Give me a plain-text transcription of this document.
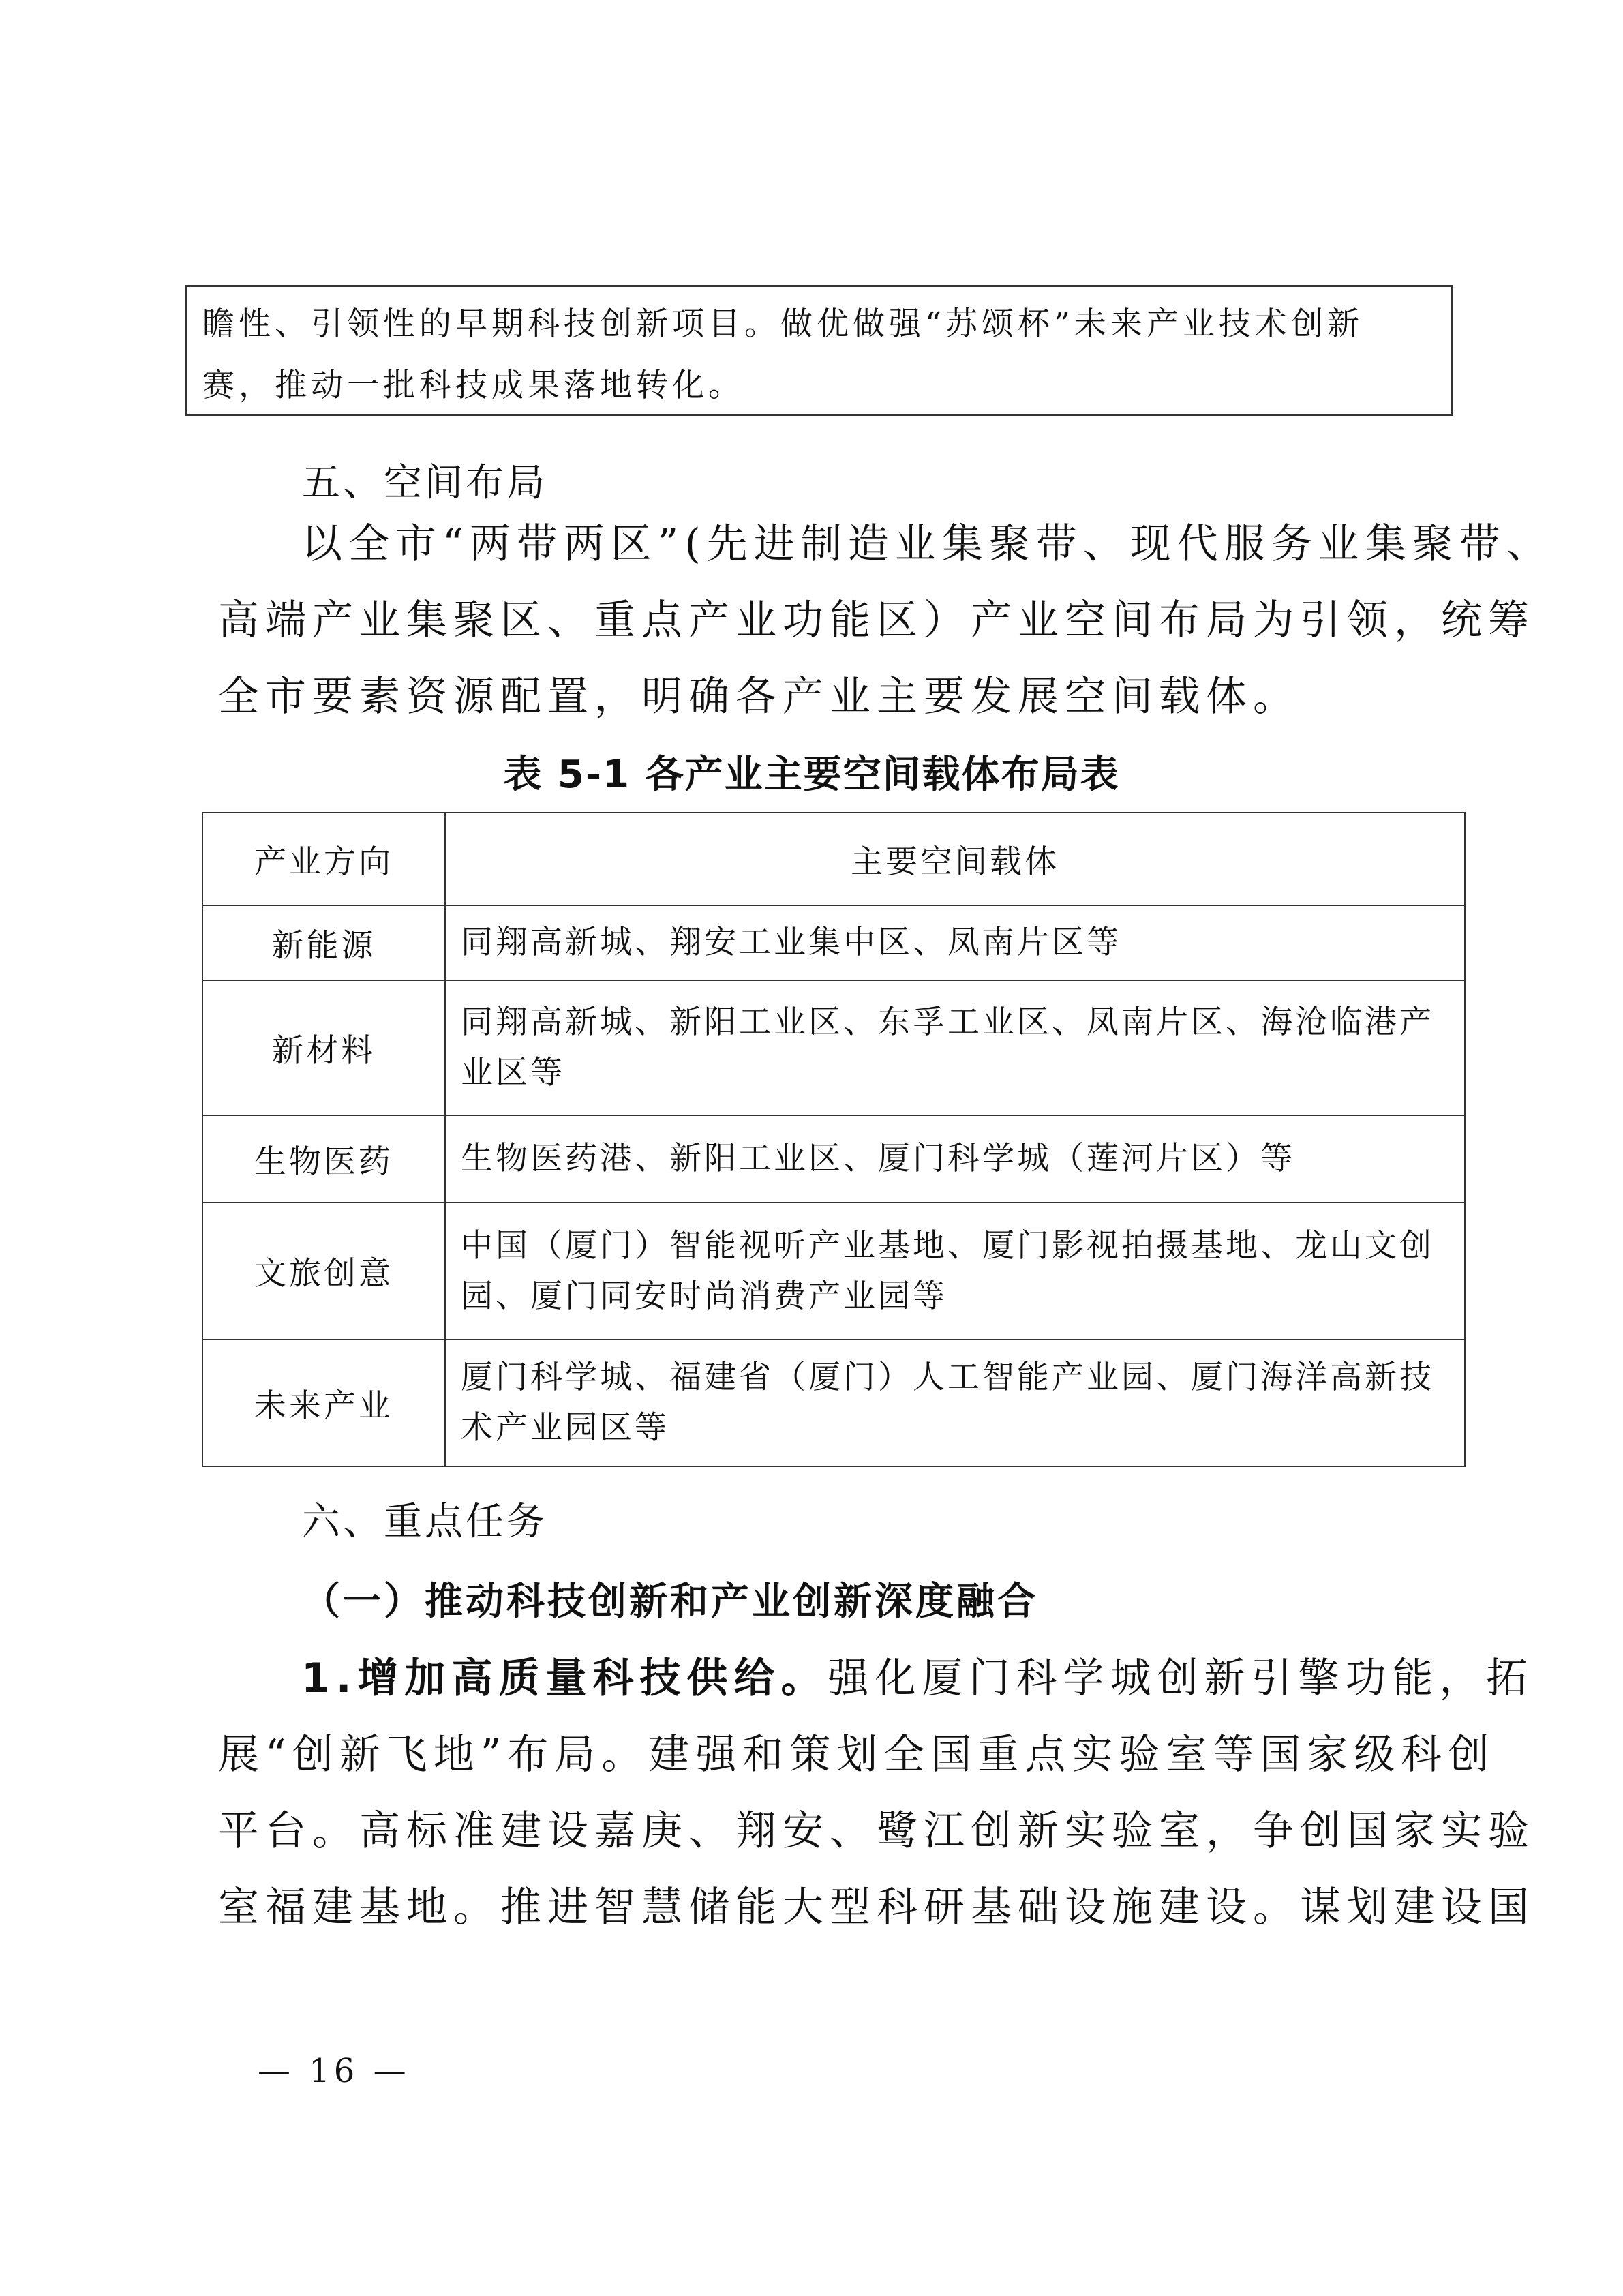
瞻性、引领性的早期科技创新项目。做优做强“苏颂杯”未来产业技术创新

赛，推动一批科技成果落地转化。

五、空间布局

以全市“两带两区”(先进制造业集聚带、现代服务业集聚带、

高端产业集聚区、重点产业功能区）产业空间布局为引领，统筹

全市要素资源配置，明确各产业主要发展空间载体。

表 5-1 各产业主要空间载体布局表

产业方向	主要空间载体
新能源	同翔高新城、翔安工业集中区、凤南片区等
新材料	同翔高新城、新阳工业区、东孚工业区、凤南片区、海沧临港产业区等
生物医药	生物医药港、新阳工业区、厦门科学城（莲河片区）等
文旅创意	中国（厦门）智能视听产业基地、厦门影视拍摄基地、龙山文创园、厦门同安时尚消费产业园等
未来产业	厦门科学城、福建省（厦门）人工智能产业园、厦门海洋高新技术产业园区等
六、重点任务

（一）推动科技创新和产业创新深度融合

1.增加高质量科技供给。强化厦门科学城创新引擎功能，拓

展“创新飞地”布局。建强和策划全国重点实验室等国家级科创

平台。高标准建设嘉庚、翔安、鹭江创新实验室，争创国家实验

室福建基地。推进智慧储能大型科研基础设施建设。谋划建设国

— 16 —
